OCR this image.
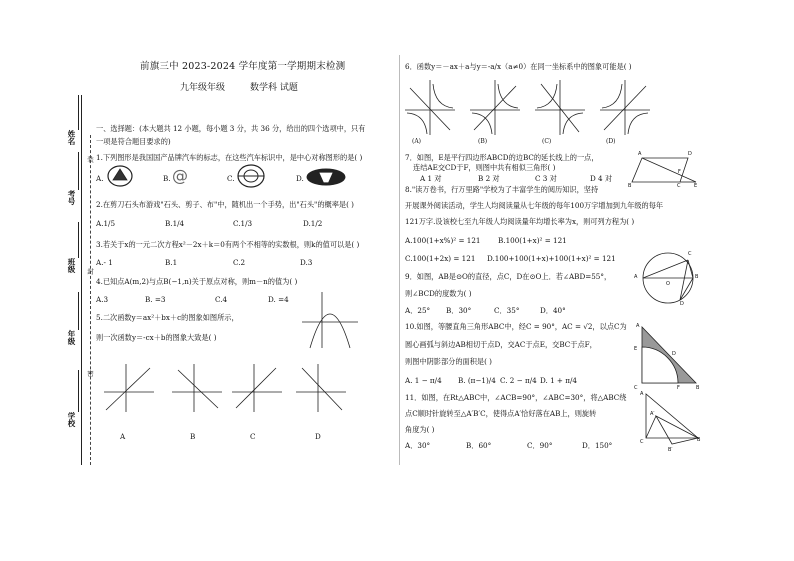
姓名
考号
班级
年级
学校
装
封
密
前旗三中 2023-2024 学年度第一学期期末检测
九年级年级	数学科 试题
一、选择题：(本大题共 12 小题，每小题 3 分，共 36 分，给出的四个选项中，只有
一项是符合题目要求的)
1.下列图形是我国国产品牌汽车的标志，在这些汽车标识中，是中心对称图形的是( )
A.	B. @	C.	D.
2.在剪刀石头布游戏"石头、剪子、布"中，随机出一个手势，出"石头"的概率是( )
A.1/5	B.1/4	C.1/3	D.1/2
3.若关于x的一元二次方程x²－2x＋k＝0有两个不相等的实数根，则k的值可以是( )
A.- 1	B.1	C.2	D.3
4.已知点A(m,2)与点B(−1,n)关于原点对称，则m－n的值为( )
A.3	B. =3	C.4	D. =4
5.二次函数y＝ax²＋bx＋c的图象如图所示，
则一次函数y＝-cx＋b的图象大致是( )
A	B	C	D
6．函数y＝－ax＋a与y＝-a/x（a≠0）在同一坐标系中的图象可能是( )
(A)	(B)	(C)	(D)
7．如图，E是平行四边形ABCD的边BC的延长线上的一点，
连结AE交CD于F，则图中共有相似三角形( )
A 1 对	B 2 对	C 3 对	D 4 对
A	D
B	C	E
F
8."读万卷书，行万里路"学校为了丰富学生的阅历知识，坚持
开展课外阅读活动，学生人均阅读量从七年级的每年100万字增加到九年级的每年
121万字.设该校七至九年级人均阅读量年均增长率为x，则可列方程为( )
A.100(1+x%)² = 121 B.100(1+x)² = 121
C.100(1+2x) = 121 D.100+100(1+x)+100(1+x)² = 121
9．如图，AB是⊙O的直径，点C，D在⊙O上．若∠ABD=55°，
则∠BCD的度数为( )
A．25° B．30°	C．35°	D．40°
A	B
C
D
O
10.如图，等腰直角三角形ABC中，经C = 90°，AC = √2，以点C为
圆心画弧与斜边AB相切于点D，交AC于点E，交BC于点F，
则图中阴影部分的面积是( )
A. 1 − π/4 B. (π−1)/4 C. 2 − π/4 D. 1 + π/4
A
E
D
C	F	B
11．如图，在Rt△ABC中，∠ACB=90°，∠ABC=30°，将△ABC绕
点C顺时针旋转至△A′B′C，使得点A′恰好落在AB上，则旋转
角度为( )
A．30°	B．60°	C．90°	D．150°
A
B
C
A′
B′
